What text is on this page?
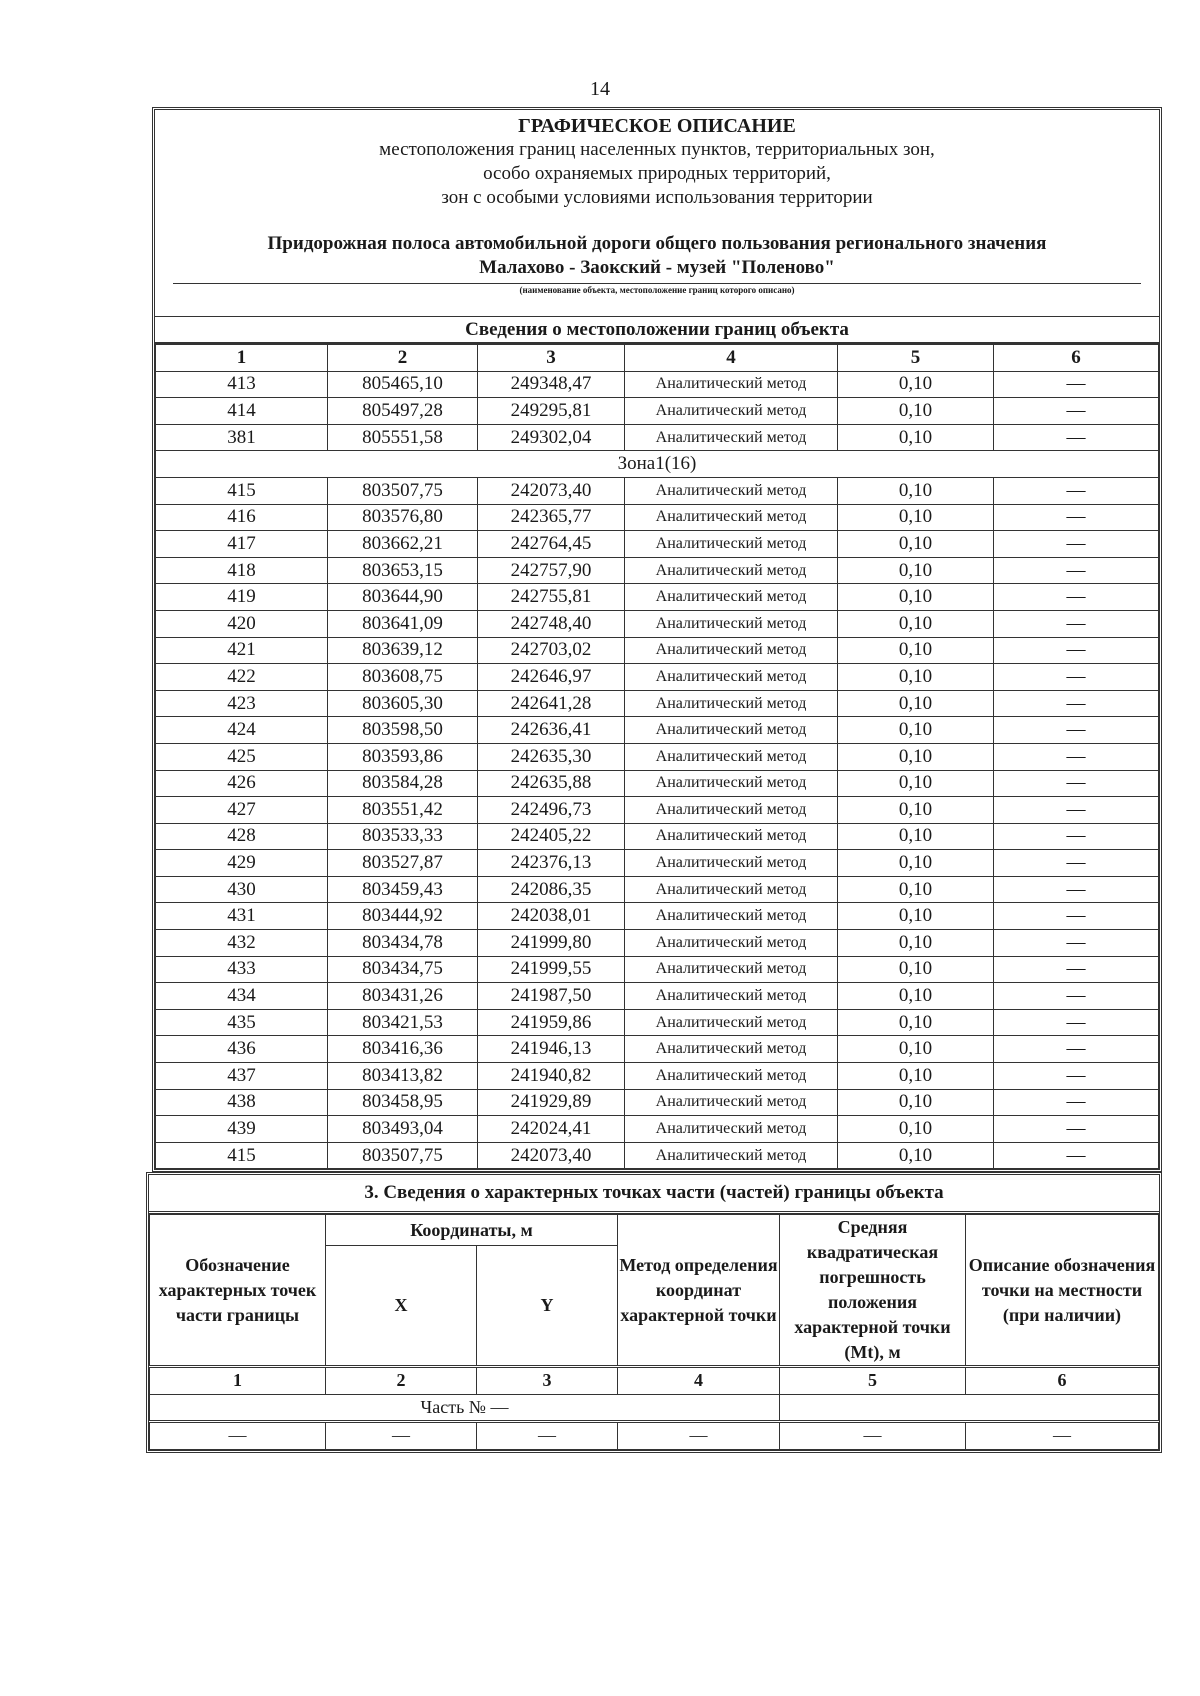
14
ГРАФИЧЕСКОЕ ОПИСАНИЕ
местоположения границ населенных пунктов, территориальных зон,
особо охраняемых природных территорий,
зон с особыми условиями использования территории
Придорожная полоса автомобильной дороги общего пользования регионального значения
Малахово - Заокский - музей "Поленово"
(наименование объекта, местоположение границ которого описано)
Сведения о местоположении границ объекта
1	2	3	4	5	6
413	805465,10	249348,47	Аналитический метод	0,10	—
414	805497,28	249295,81	Аналитический метод	0,10	—
381	805551,58	249302,04	Аналитический метод	0,10	—
Зона1(16)					
415	803507,75	242073,40	Аналитический метод	0,10	—
416	803576,80	242365,77	Аналитический метод	0,10	—
417	803662,21	242764,45	Аналитический метод	0,10	—
418	803653,15	242757,90	Аналитический метод	0,10	—
419	803644,90	242755,81	Аналитический метод	0,10	—
420	803641,09	242748,40	Аналитический метод	0,10	—
421	803639,12	242703,02	Аналитический метод	0,10	—
422	803608,75	242646,97	Аналитический метод	0,10	—
423	803605,30	242641,28	Аналитический метод	0,10	—
424	803598,50	242636,41	Аналитический метод	0,10	—
425	803593,86	242635,30	Аналитический метод	0,10	—
426	803584,28	242635,88	Аналитический метод	0,10	—
427	803551,42	242496,73	Аналитический метод	0,10	—
428	803533,33	242405,22	Аналитический метод	0,10	—
429	803527,87	242376,13	Аналитический метод	0,10	—
430	803459,43	242086,35	Аналитический метод	0,10	—
431	803444,92	242038,01	Аналитический метод	0,10	—
432	803434,78	241999,80	Аналитический метод	0,10	—
433	803434,75	241999,55	Аналитический метод	0,10	—
434	803431,26	241987,50	Аналитический метод	0,10	—
435	803421,53	241959,86	Аналитический метод	0,10	—
436	803416,36	241946,13	Аналитический метод	0,10	—
437	803413,82	241940,82	Аналитический метод	0,10	—
438	803458,95	241929,89	Аналитический метод	0,10	—
439	803493,04	242024,41	Аналитический метод	0,10	—
415	803507,75	242073,40	Аналитический метод	0,10	—
3. Сведения о характерных точках части (частей) границы объекта
Обозначение характерных точек части границы	Координаты, м		Метод определения координат характерной точки	Средняя квадратическая погрешность положения характерной точки (Mt), м	Описание обозначения точки на местности (при наличии)
	X	Y			
1	2	3	4	5	6
Часть № —					
—	—	—	—	—	—
